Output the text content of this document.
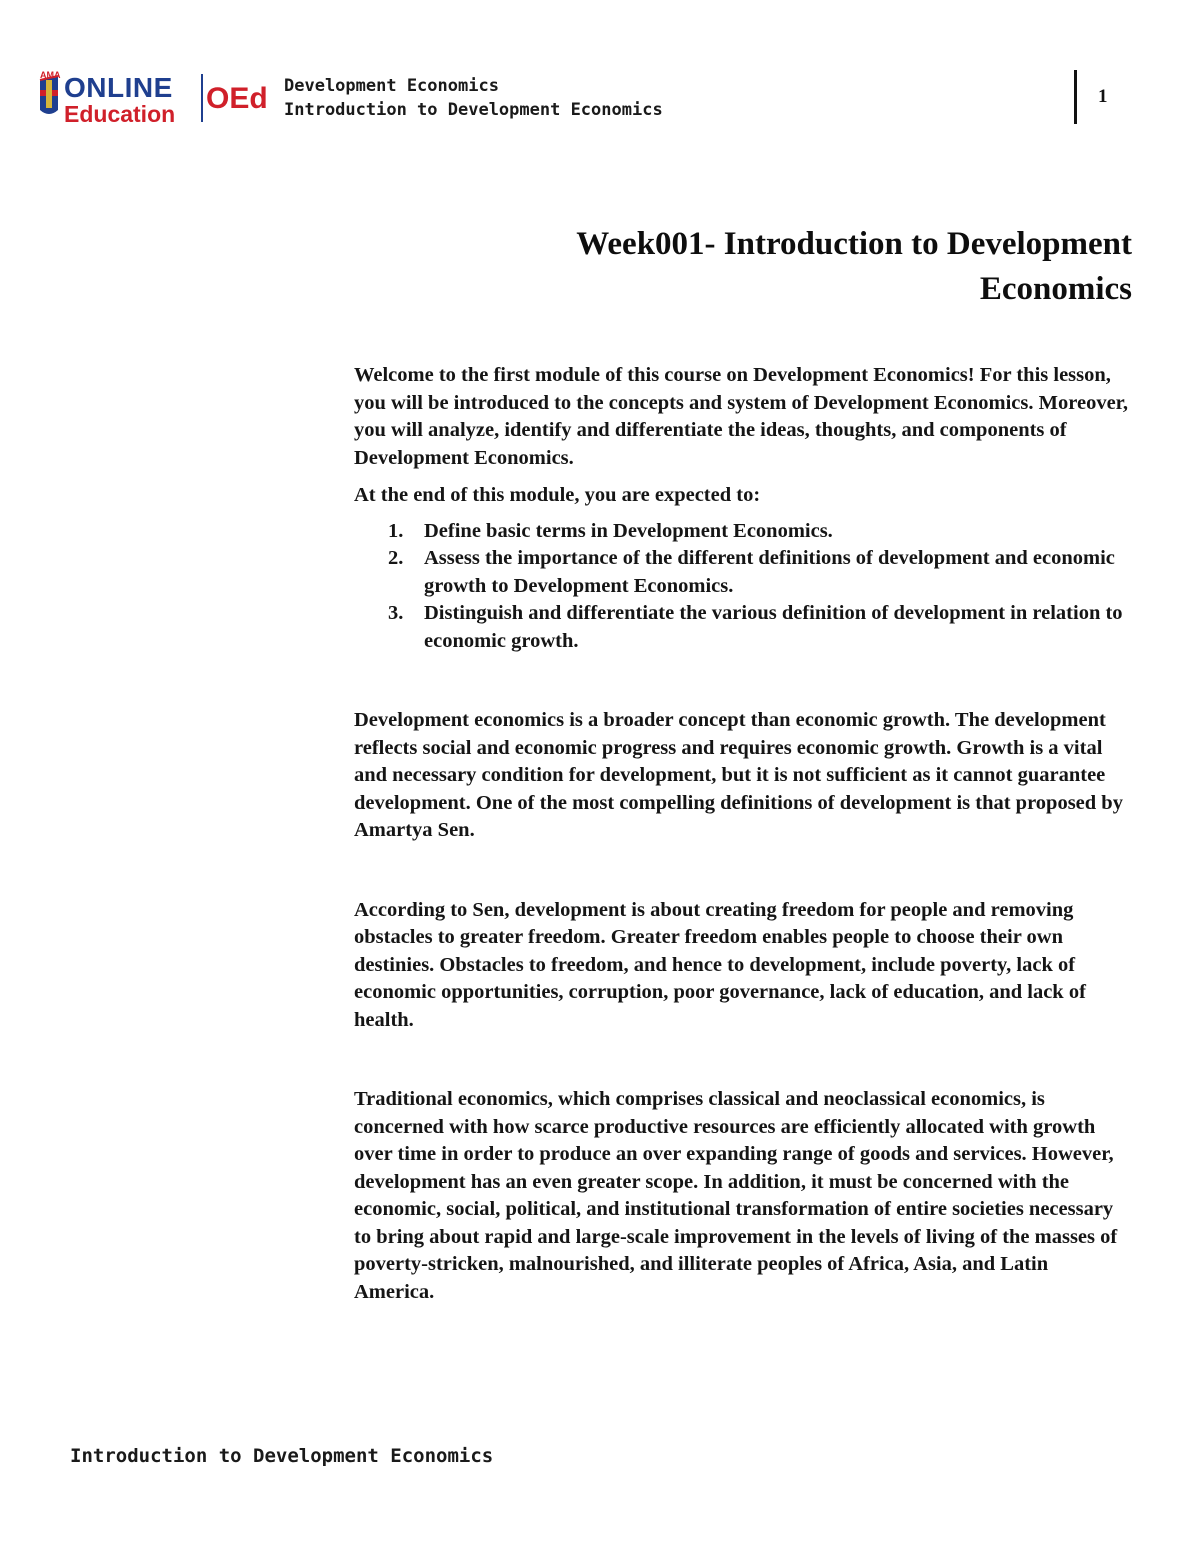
AMA ONLINE
Education OEd Development Economics
Introduction to Development Economics
1
Week001- Introduction to Development
Economics

Welcome to the first module of this course on Development Economics! For this lesson, you will be introduced to the concepts and system of Development Economics. Moreover, you will analyze, identify and differentiate the ideas, thoughts, and components of Development Economics.

At the end of this module, you are expected to:

1. Define basic terms in Development Economics.
2. Assess the importance of the different definitions of development and economic growth to Development Economics.
3. Distinguish and differentiate the various definition of development in relation to economic growth.

Development economics is a broader concept than economic growth. The development reflects social and economic progress and requires economic growth. Growth is a vital and necessary condition for development, but it is not sufficient as it cannot guarantee development. One of the most compelling definitions of development is that proposed by Amartya Sen.

According to Sen, development is about creating freedom for people and removing obstacles to greater freedom. Greater freedom enables people to choose their own destinies. Obstacles to freedom, and hence to development, include poverty, lack of economic opportunities, corruption, poor governance, lack of education, and lack of health.

Traditional economics, which comprises classical and neoclassical economics, is concerned with how scarce productive resources are efficiently allocated with growth over time in order to produce an over expanding range of goods and services. However, development has an even greater scope. In addition, it must be concerned with the economic, social, political, and institutional transformation of entire societies necessary to bring about rapid and large-scale improvement in the levels of living of the masses of poverty-stricken, malnourished, and illiterate peoples of Africa, Asia, and Latin America.

Introduction to Development Economics
